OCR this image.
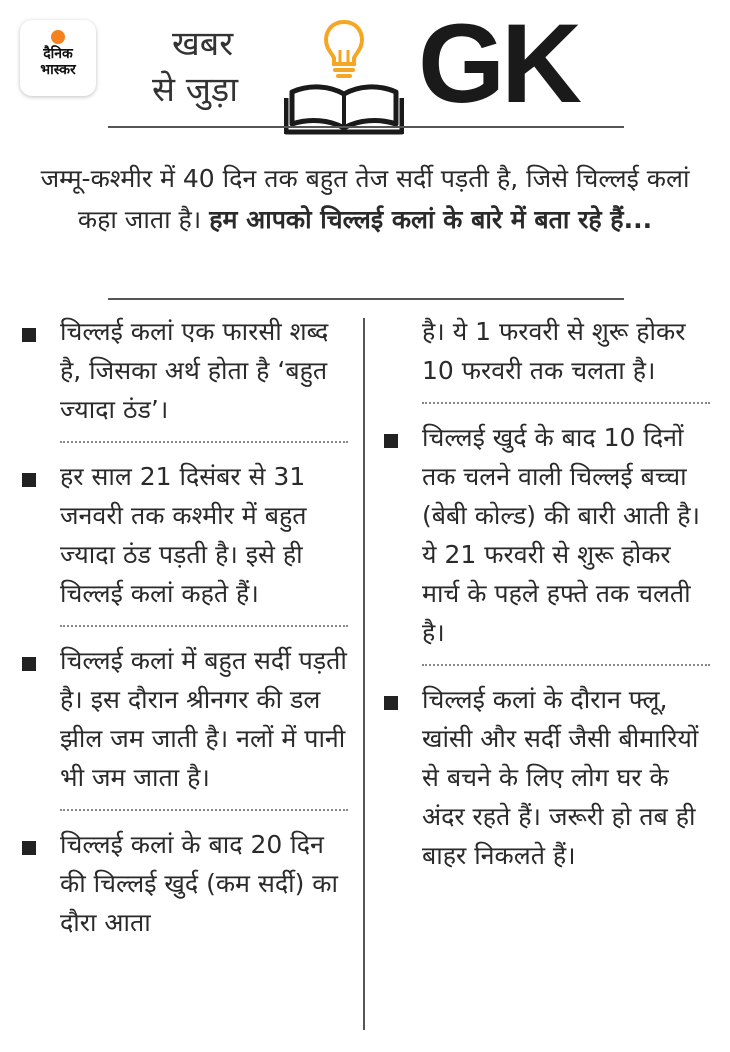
दैनिक
भास्कर
खबर
से जुड़ा GK
जम्मू-कश्मीर में 40 दिन तक बहुत तेज सर्दी पड़ती है, जिसे चिल्लई कलां कहा जाता है। हम आपको चिल्लई कलां के बारे में बता रहे हैं...
चिल्लई कलां एक फारसी शब्द है, जिसका अर्थ होता है ‘बहुत ज्यादा ठंड’।
हर साल 21 दिसंबर से 31 जनवरी तक कश्मीर में बहुत ज्यादा ठंड पड़ती है। इसे ही चिल्लई कलां कहते हैं।
चिल्लई कलां में बहुत सर्दी पड़ती है। इस दौरान श्रीनगर की डल झील जम जाती है। नलों में पानी भी जम जाता है।
चिल्लई कलां के बाद 20 दिन की चिल्लई खुर्द (कम सर्दी) का दौरा आता
है। ये 1 फरवरी से शुरू होकर 10 फरवरी तक चलता है।
चिल्लई खुर्द के बाद 10 दिनों तक चलने वाली चिल्लई बच्चा (बेबी कोल्ड) की बारी आती है। ये 21 फरवरी से शुरू होकर मार्च के पहले हफ्ते तक चलती है।
चिल्लई कलां के दौरान फ्लू, खांसी और सर्दी जैसी बीमारियों से बचने के लिए लोग घर के अंदर रहते हैं। जरूरी हो तब ही बाहर निकलते हैं।
